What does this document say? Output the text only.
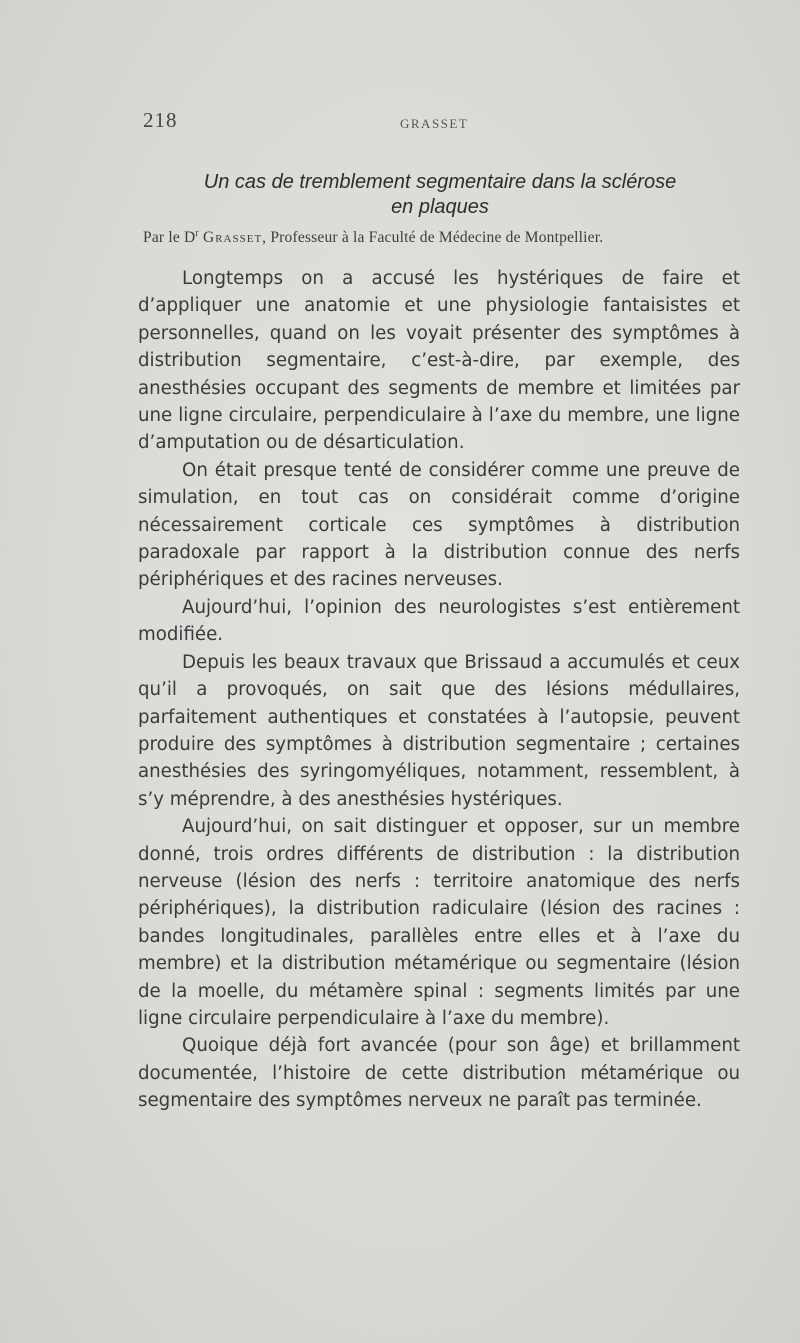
218	GRASSET
Un cas de tremblement segmentaire dans la sclérose
en plaques
Par le $D^r$ Grasset, Professeur à la Faculté de Médecine de Montpellier.

Longtemps on a accusé les hystériques de faire et d’appliquer une anatomie et une physiologie fantaisistes et personnelles, quand on les voyait présenter des symptômes à distribution segmentaire, c’est-à-dire, par exemple, des anesthésies occupant des segments de membre et limitées par une ligne circulaire, perpendiculaire à l’axe du membre, une ligne d’amputation ou de désarticulation.

On était presque tenté de considérer comme une preuve de simulation, en tout cas on considérait comme d’origine nécessairement corticale ces symptômes à distribution paradoxale par rapport à la distribution connue des nerfs périphériques et des racines nerveuses.

Aujourd’hui, l’opinion des neurologistes s’est entièrement modifiée.

Depuis les beaux travaux que Brissaud a accumulés et ceux qu’il a provoqués, on sait que des lésions médullaires, parfaitement authentiques et constatées à l’autopsie, peuvent produire des symptômes à distribution segmentaire ; certaines anesthésies des syringomyéliques, notamment, ressemblent, à s’y méprendre, à des anesthésies hystériques.

Aujourd’hui, on sait distinguer et opposer, sur un membre donné, trois ordres différents de distribution : la distribution nerveuse (lésion des nerfs : territoire anatomique des nerfs périphériques), la distribution radiculaire (lésion des racines : bandes longitudinales, parallèles entre elles et à l’axe du membre) et la distribution métamérique ou segmentaire (lésion de la moelle, du métamère spinal : segments limités par une ligne circulaire perpendiculaire à l’axe du membre).

Quoique déjà fort avancée (pour son âge) et brillamment documentée, l’histoire de cette distribution métamérique ou segmentaire des symptômes nerveux ne paraît pas terminée.
